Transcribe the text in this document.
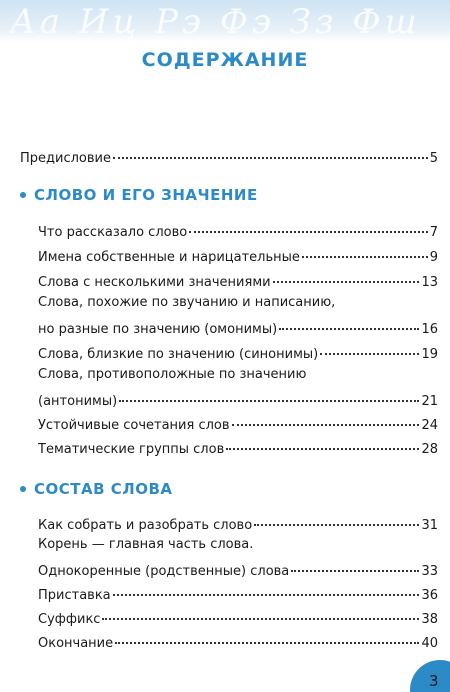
Аа Иц Рэ Фэ Зз Фш
СОДЕРЖАНИЕ
Предисловие	5
СЛОВО И ЕГО ЗНАЧЕНИЕ
Что рассказало слово	7
Имена собственные и нарицательные	9
Слова с несколькими значениями	13
Слова, похожие по звучанию и написанию,
но разные по значению (омонимы)	16
Слова, близкие по значению (синонимы)	19
Слова, противоположные по значению
(антонимы)	21
Устойчивые сочетания слов	24
Тематические группы слов	28
СОСТАВ СЛОВА
Как собрать и разобрать слово	31
Корень — главная часть слова.
Однокоренные (родственные) слова	33
Приставка	36
Суффикс	38
Окончание	40
3
